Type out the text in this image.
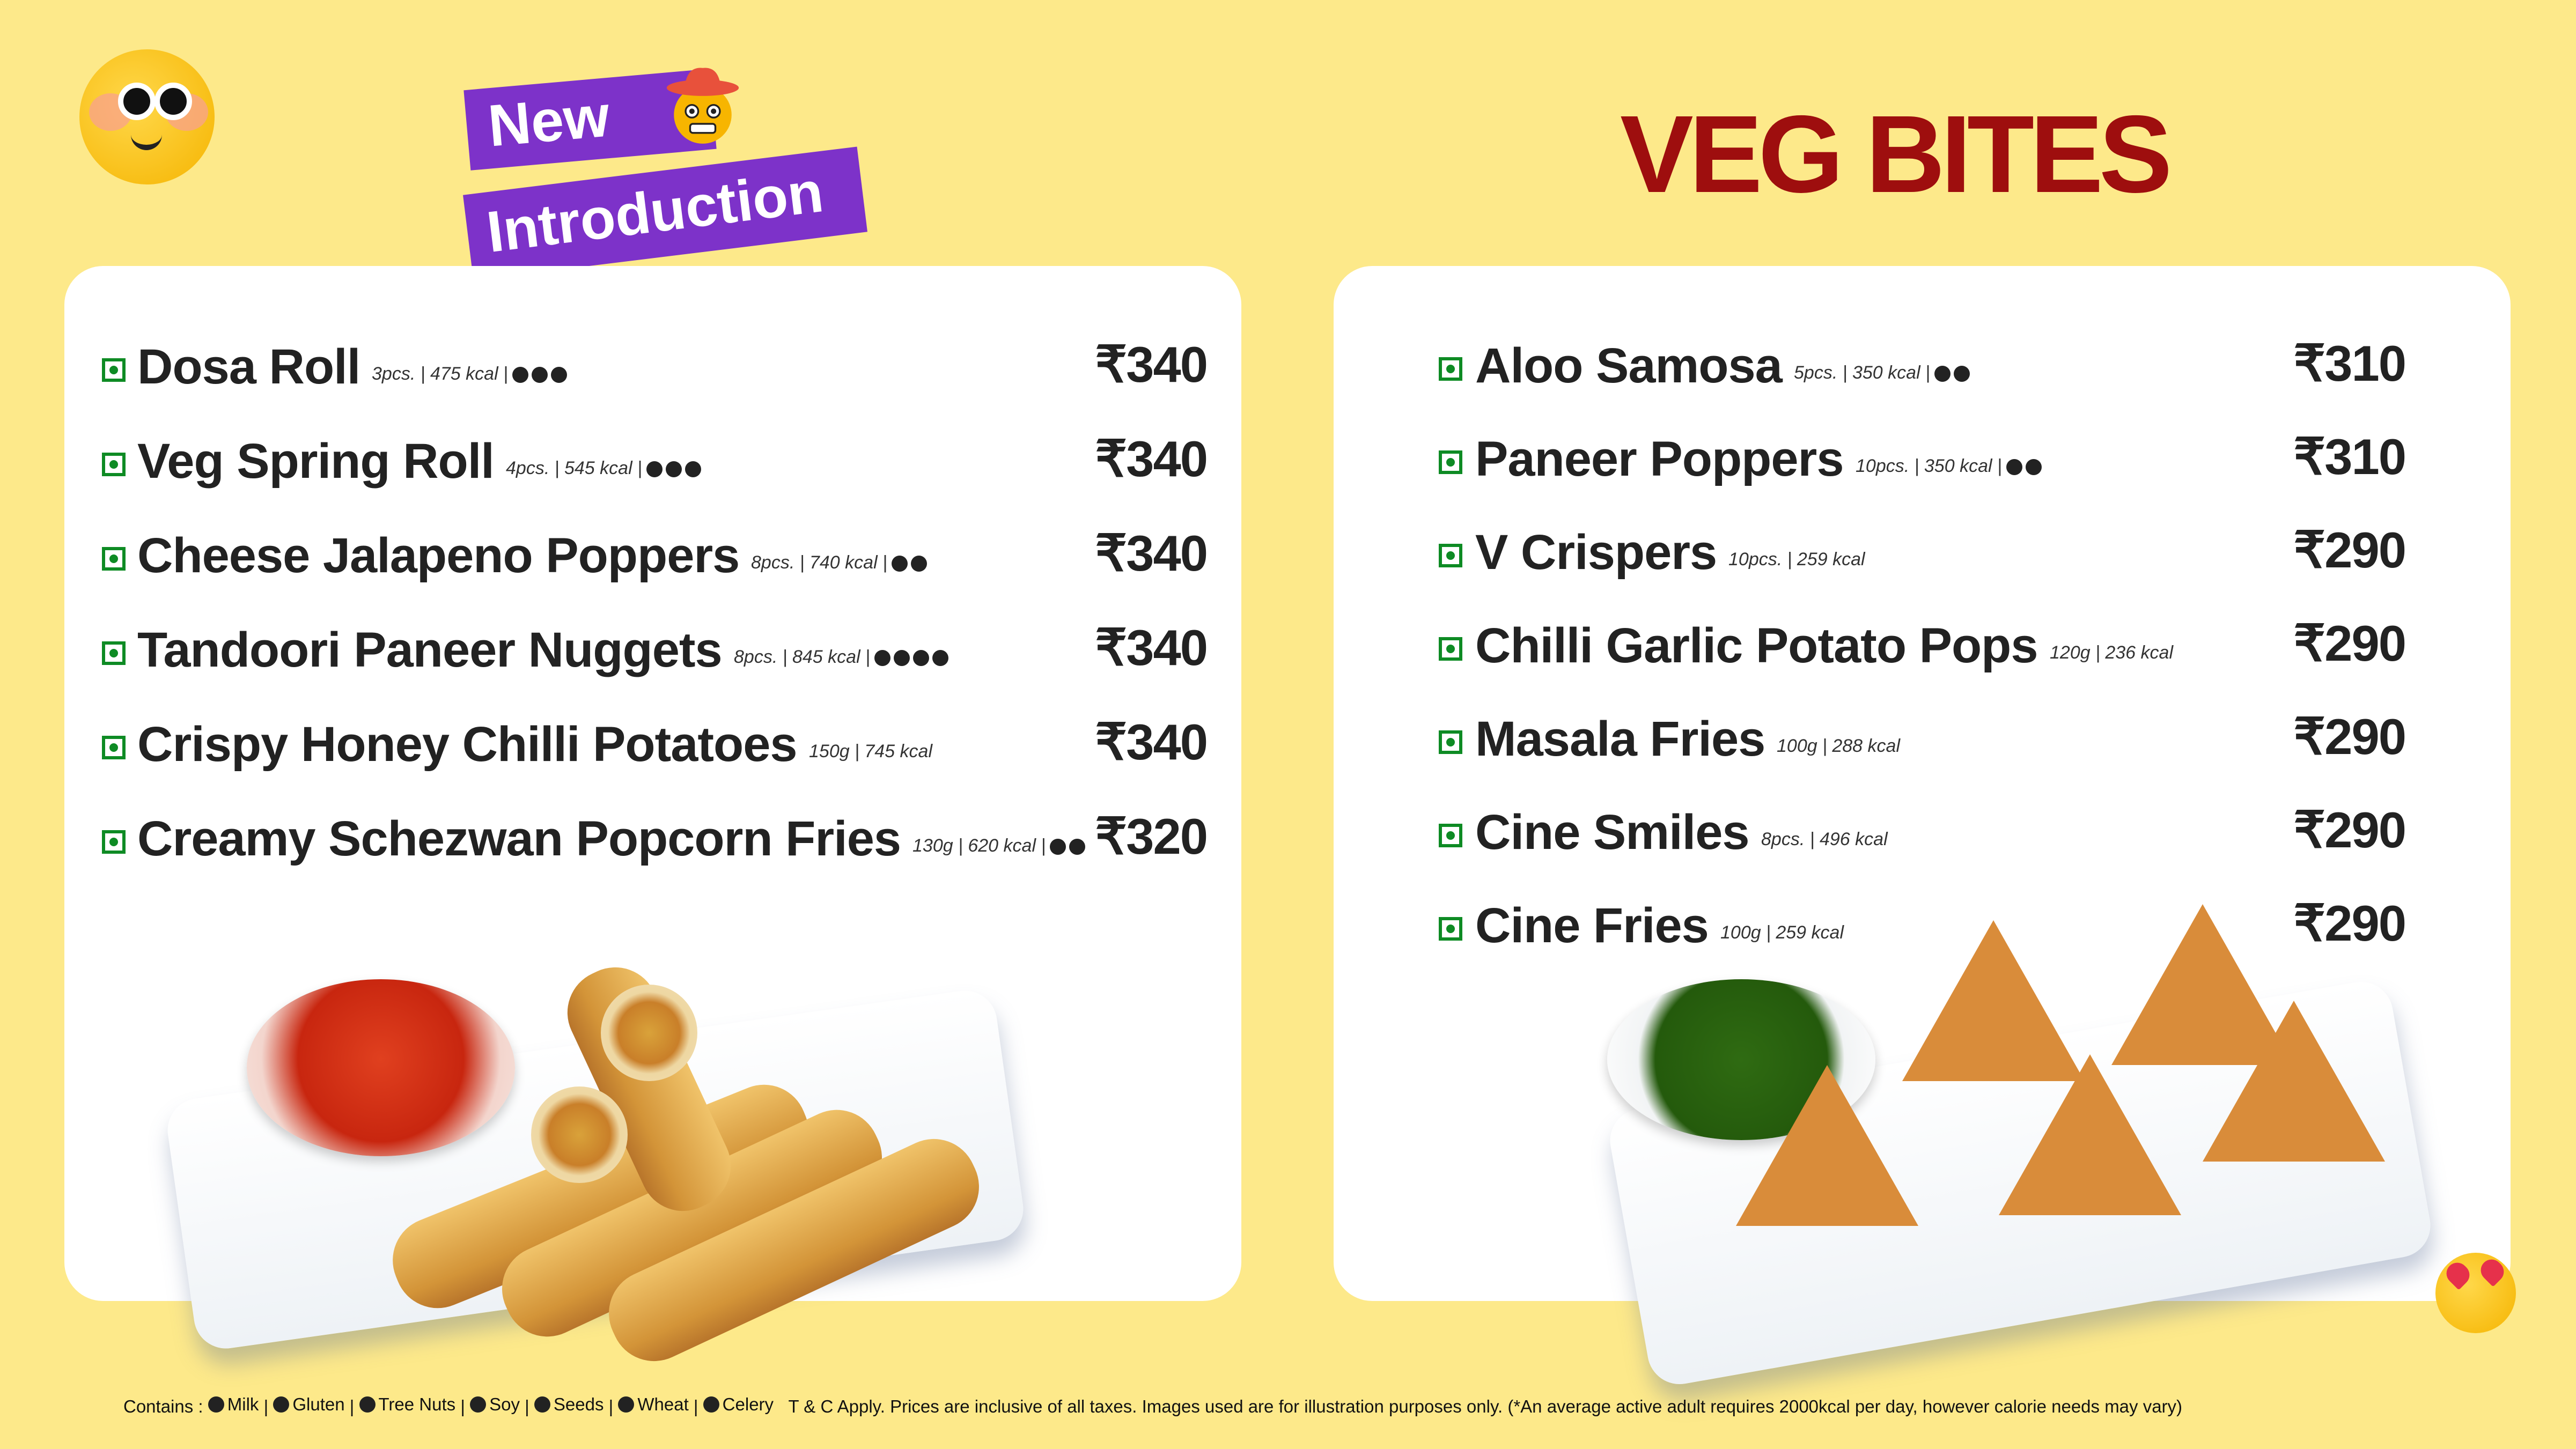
New
Introduction	VEG BITES
Dosa Roll 3pcs. | 475 kcal |	₹340
Veg Spring Roll 4pcs. | 545 kcal |	₹340
Cheese Jalapeno Poppers 8pcs. | 740 kcal |	₹340
Tandoori Paneer Nuggets 8pcs. | 845 kcal |	₹340
Crispy Honey Chilli Potatoes 150g | 745 kcal	₹340
Creamy Schezwan Popcorn Fries 130g | 620 kcal | ₹320
Aloo Samosa 5pcs. | 350 kcal |	₹310
Paneer Poppers 10pcs. | 350 kcal |	₹310
V Crispers 10pcs. | 259 kcal	₹290
Chilli Garlic Potato Pops 120g | 236 kcal ₹290
Masala Fries 100g | 288 kcal	₹290
Cine Smiles 8pcs. | 496 kcal	₹290
Cine Fries 100g | 259 kcal	₹290
Contains : Milk | Gluten | Tree Nuts | Soy | Seeds | Wheat | Celery T & C Apply. Prices are inclusive of all taxes. Images used are for illustration purposes only. (*An average active adult requires 2000kcal per day, however calorie needs may vary)
